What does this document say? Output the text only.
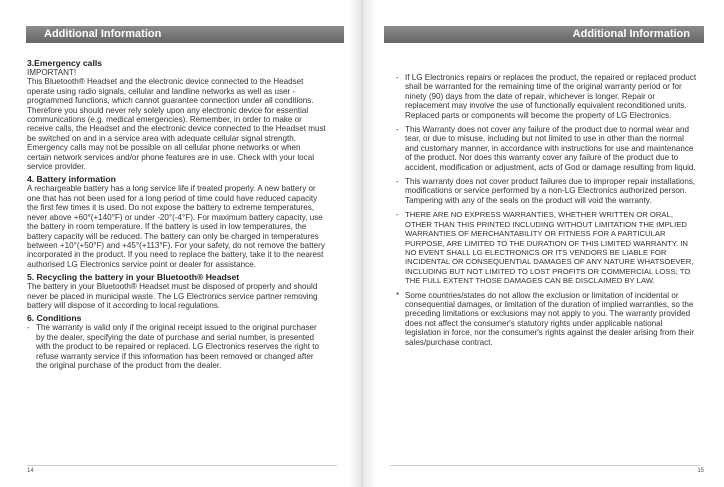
Additional Information
3.Emergency calls

IMPORTANT!

This Bluetooth® Headset and the electronic device connected to the Headset operate using radio signals, cellular and landline networks as well as user - programmed functions, which cannot guarantee connection under all conditions. Therefore you should never rely solely upon any electronic device for essential communications (e.g. medical emergencies). Remember, in order to make or receive calls, the Headset and the electronic device connected to the Headset must be switched on and in a service area with adequate cellular signal strength. Emergency calls may not be possible on all cellular phone networks or when certain network services and/or phone features are in use. Check with your local service provider.

4. Battery information

A rechargeable battery has a long service life if treated properly. A new battery or one that has not been used for a long period of time could have reduced capacity the first few times it is used. Do not expose the battery to extreme temperatures, never above +60°(+140°F) or under -20°(-4°F). For maximum battery capacity, use the battery in room temperature. If the battery is used in low temperatures, the battery capacity will be reduced. The battery can only be charged in temperatures between +10°(+50°F) and +45°(+113°F). For your safety, do not remove the battery incorporated in the product. If you need to replace the battery, take it to the nearest authorised LG Electronics service point or dealer for assistance.

5. Recycling the battery in your Bluetooth® Headset

The battery in your Bluetooth® Headset must be disposed of properly and should never be placed in municipal waste. The LG Electronics service partner removing battery will dispose of it according to local regulations.

6. Conditions
- The warranty is valid only if the original receipt issued to the original purchaser by the dealer, specifying the date of purchase and serial number, is presented with the product to be repaired or replaced. LG Electronics reserves the right to refuse warranty service if this information has been removed or changed after the original purchase of the product from the dealer.

14
Additional Information
- If LG Electronics repairs or replaces the product, the repaired or replaced product shall be warranted for the remaining time of the original warranty period or for ninety (90) days from the date of repair, whichever is longer. Repair or replacement may involve the use of functionally equivalent reconditioned units. Replaced parts or components will become the property of LG Electronics.

- This Warranty does not cover any failure of the product due to normal wear and tear, or due to misuse, including but not limited to use in other than the normal and customary manner, in accordance with instructions for use and maintenance of the product. Nor does this warranty cover any failure of the product due to accident, modification or adjustment, acts of God or damage resulting from liquid.

- This warranty does not cover product failures due to improper repair installations, modifications or service performed by a non-LG Electronics authorized person. Tampering with any of the seals on the product will void the warranty.

- THERE ARE NO EXPRESS WARRANTIES, WHETHER WRITTEN OR ORAL, OTHER THAN THIS PRINTED INCLUDING WITHOUT LIMITATION THE IMPLIED WARRANTIES OF MERCHANTABILITY OR FITNESS FOR A PARTICULAR PURPOSE, ARE LIMITED TO THE DURATION OF THIS LIMITED WARRANTY. IN NO EVENT SHALL LG ELECTRONICS OR ITS VENDORS BE LIABLE FOR INCIDENTAL OR CONSEQUENTIAL DAMAGES OF ANY NATURE WHATSOEVER, INCLUDING BUT NOT LIMITED TO LOST PROFITS OR COMMERCIAL LOSS; TO THE FULL EXTENT THOSE DAMAGES CAN BE DISCLAIMED BY LAW.

* Some countries/states do not allow the exclusion or limitation of incidental or consequential damages, or limitation of the duration of implied warranties, so the preceding limitations or exclusions may not apply to you. The warranty provided does not affect the consumer's statutory rights under applicable national legislation in force, nor the consumer's rights against the dealer arising from their sales/purchase contract.

15
